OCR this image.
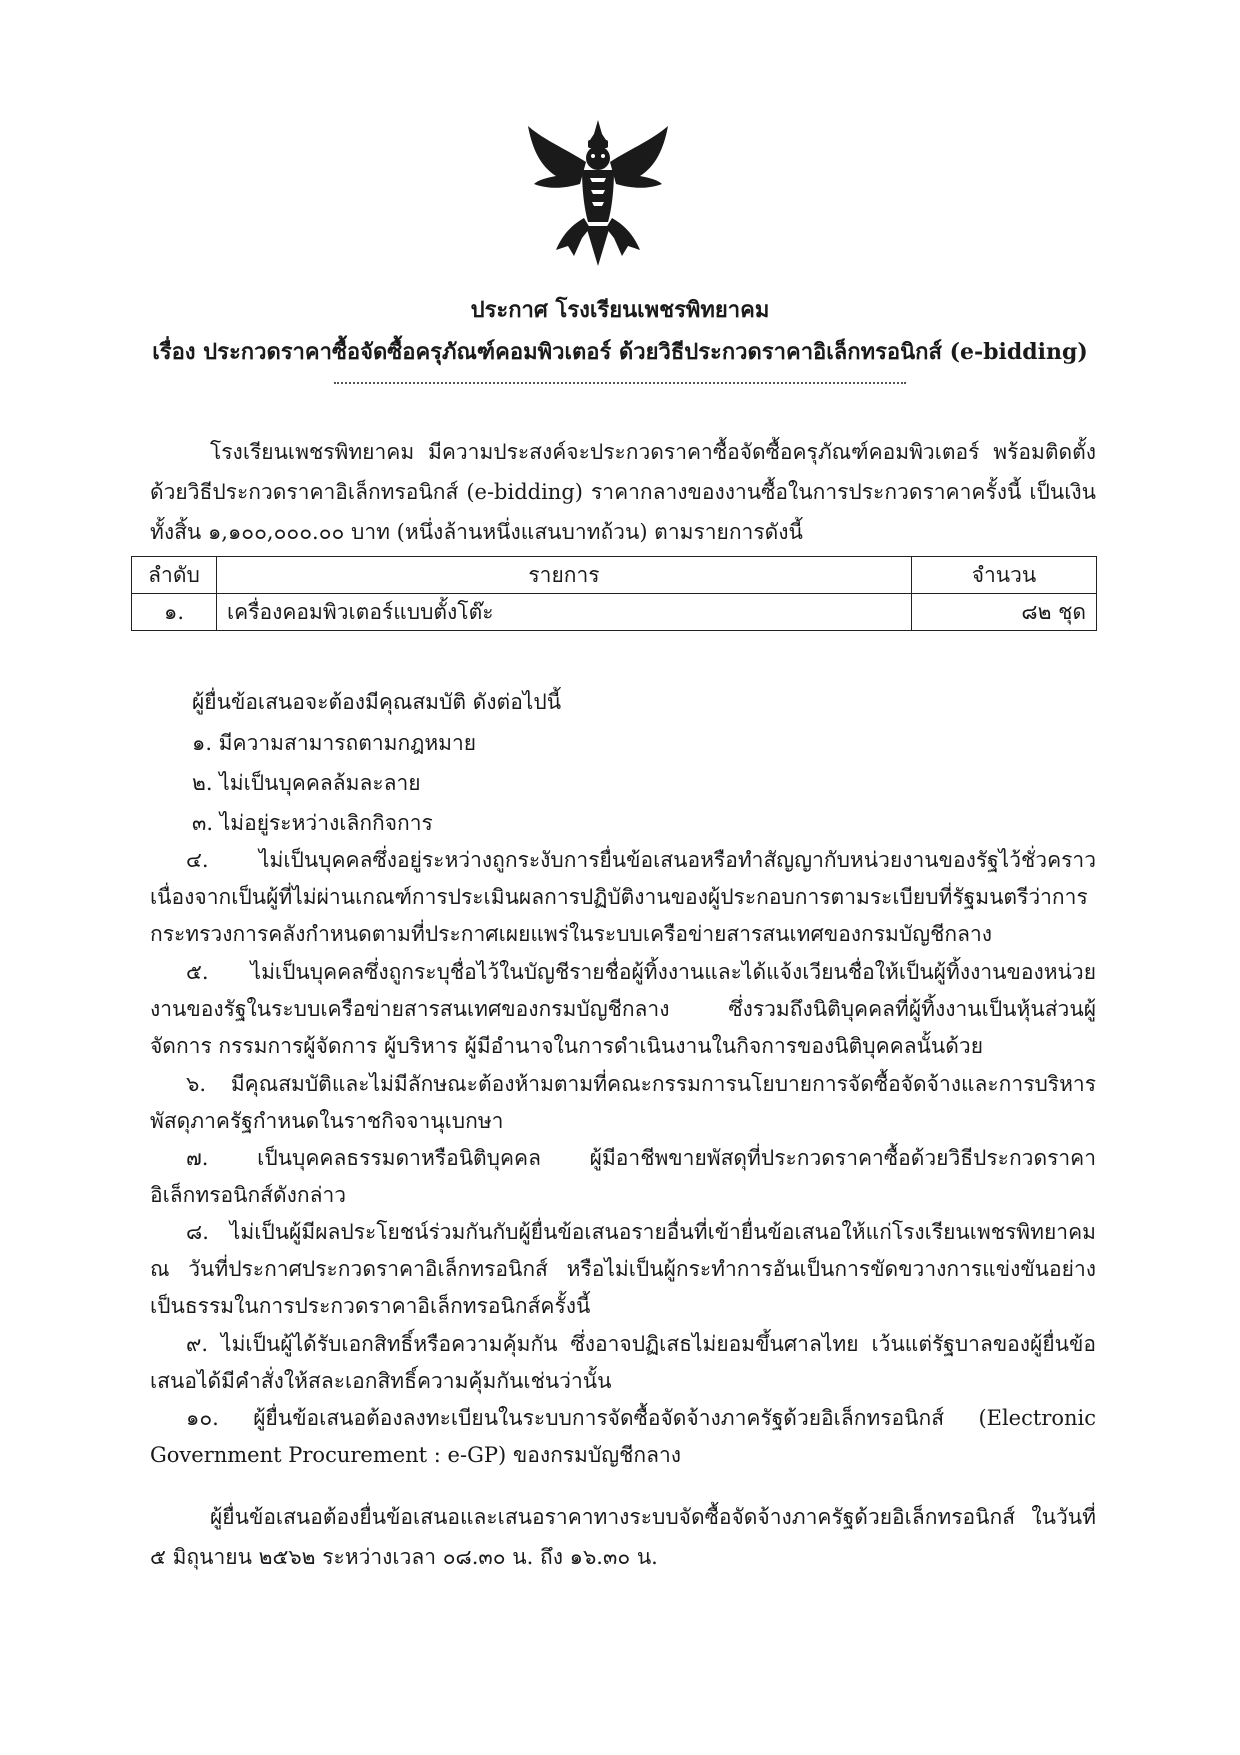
ประกาศ โรงเรียนเพชรพิทยาคม
เรื่อง ประกวดราคาซื้อจัดซื้อครุภัณฑ์คอมพิวเตอร์ ด้วยวิธีประกวดราคาอิเล็กทรอนิกส์ (e-bidding)
โรงเรียนเพชรพิทยาคม มีความประสงค์จะประกวดราคาซื้อจัดซื้อครุภัณฑ์คอมพิวเตอร์ พร้อมติดตั้ง ด้วยวิธีประกวดราคาอิเล็กทรอนิกส์ (e-bidding) ราคากลางของงานซื้อในการประกวดราคาครั้งนี้ เป็นเงินทั้งสิ้น ๑,๑๐๐,๐๐๐.๐๐ บาท (หนึ่งล้านหนึ่งแสนบาทถ้วน) ตามรายการดังนี้
ลำดับ	รายการ	จำนวน
๑.	เครื่องคอมพิวเตอร์แบบตั้งโต๊ะ	๘๒ ชุด
ผู้ยื่นข้อเสนอจะต้องมีคุณสมบัติ ดังต่อไปนี้
๑. มีความสามารถตามกฎหมาย
๒. ไม่เป็นบุคคลล้มละลาย
๓. ไม่อยู่ระหว่างเลิกกิจการ
๔. ไม่เป็นบุคคลซึ่งอยู่ระหว่างถูกระงับการยื่นข้อเสนอหรือทำสัญญากับหน่วยงานของรัฐไว้ชั่วคราว เนื่องจากเป็นผู้ที่ไม่ผ่านเกณฑ์การประเมินผลการปฏิบัติงานของผู้ประกอบการตามระเบียบที่รัฐมนตรีว่าการกระทรวงการคลังกำหนดตามที่ประกาศเผยแพร่ในระบบเครือข่ายสารสนเทศของกรมบัญชีกลาง
๕. ไม่เป็นบุคคลซึ่งถูกระบุชื่อไว้ในบัญชีรายชื่อผู้ทิ้งงานและได้แจ้งเวียนชื่อให้เป็นผู้ทิ้งงานของหน่วยงานของรัฐในระบบเครือข่ายสารสนเทศของกรมบัญชีกลาง ซึ่งรวมถึงนิติบุคคลที่ผู้ทิ้งงานเป็นหุ้นส่วนผู้จัดการ กรรมการผู้จัดการ ผู้บริหาร ผู้มีอำนาจในการดำเนินงานในกิจการของนิติบุคคลนั้นด้วย
๖. มีคุณสมบัติและไม่มีลักษณะต้องห้ามตามที่คณะกรรมการนโยบายการจัดซื้อจัดจ้างและการบริหารพัสดุภาครัฐกำหนดในราชกิจจานุเบกษา
๗. เป็นบุคคลธรรมดาหรือนิติบุคคล ผู้มีอาชีพขายพัสดุที่ประกวดราคาซื้อด้วยวิธีประกวดราคาอิเล็กทรอนิกส์ดังกล่าว
๘. ไม่เป็นผู้มีผลประโยชน์ร่วมกันกับผู้ยื่นข้อเสนอรายอื่นที่เข้ายื่นข้อเสนอให้แก่โรงเรียนเพชรพิทยาคม ณ วันที่ประกาศประกวดราคาอิเล็กทรอนิกส์ หรือไม่เป็นผู้กระทำการอันเป็นการขัดขวางการแข่งขันอย่างเป็นธรรมในการประกวดราคาอิเล็กทรอนิกส์ครั้งนี้
๙. ไม่เป็นผู้ได้รับเอกสิทธิ์หรือความคุ้มกัน ซึ่งอาจปฏิเสธไม่ยอมขึ้นศาลไทย เว้นแต่รัฐบาลของผู้ยื่นข้อเสนอได้มีคำสั่งให้สละเอกสิทธิ์ความคุ้มกันเช่นว่านั้น
๑๐. ผู้ยื่นข้อเสนอต้องลงทะเบียนในระบบการจัดซื้อจัดจ้างภาครัฐด้วยอิเล็กทรอนิกส์ (Electronic Government Procurement : e-GP) ของกรมบัญชีกลาง
ผู้ยื่นข้อเสนอต้องยื่นข้อเสนอและเสนอราคาทางระบบจัดซื้อจัดจ้างภาครัฐด้วยอิเล็กทรอนิกส์ ในวันที่ ๕ มิถุนายน ๒๕๖๒ ระหว่างเวลา ๐๘.๓๐ น. ถึง ๑๖.๓๐ น.
